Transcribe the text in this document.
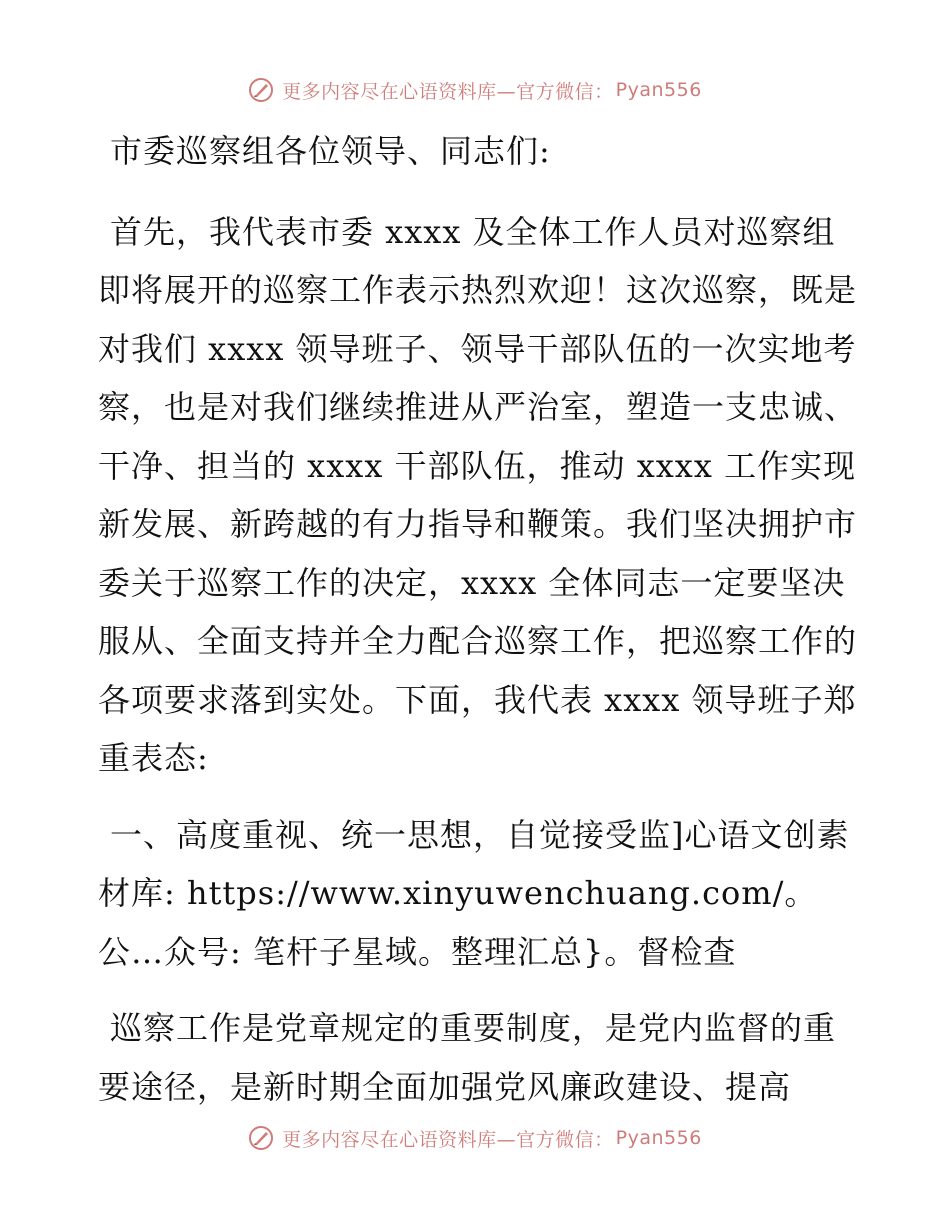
更多内容尽在心语资料库—官方微信： Pyan556

市委巡察组各位领导、同志们:

首先，我代表市委 xxxx 及全体工作人员对巡察组即将展开的巡察工作表示热烈欢迎！这次巡察，既是对我们 xxxx 领导班子、领导干部队伍的一次实地考察，也是对我们继续推进从严治室，塑造一支忠诚、干净、担当的 xxxx 干部队伍，推动 xxxx 工作实现新发展、新跨越的有力指导和鞭策。我们坚决拥护市委关于巡察工作的决定，xxxx 全体同志一定要坚决服从、全面支持并全力配合巡察工作，把巡察工作的各项要求落到实处。下面，我代表 xxxx 领导班子郑重表态:

一、高度重视、统一思想，自觉接受监]心语文创素材库: https://www.xinyuwenchuang.com/。公…众号: 笔杆子星域。整理汇总}。督检查

巡察工作是党章规定的重要制度，是党内监督的重要途径，是新时期全面加强党风廉政建设、提高

更多内容尽在心语资料库—官方微信： Pyan556
